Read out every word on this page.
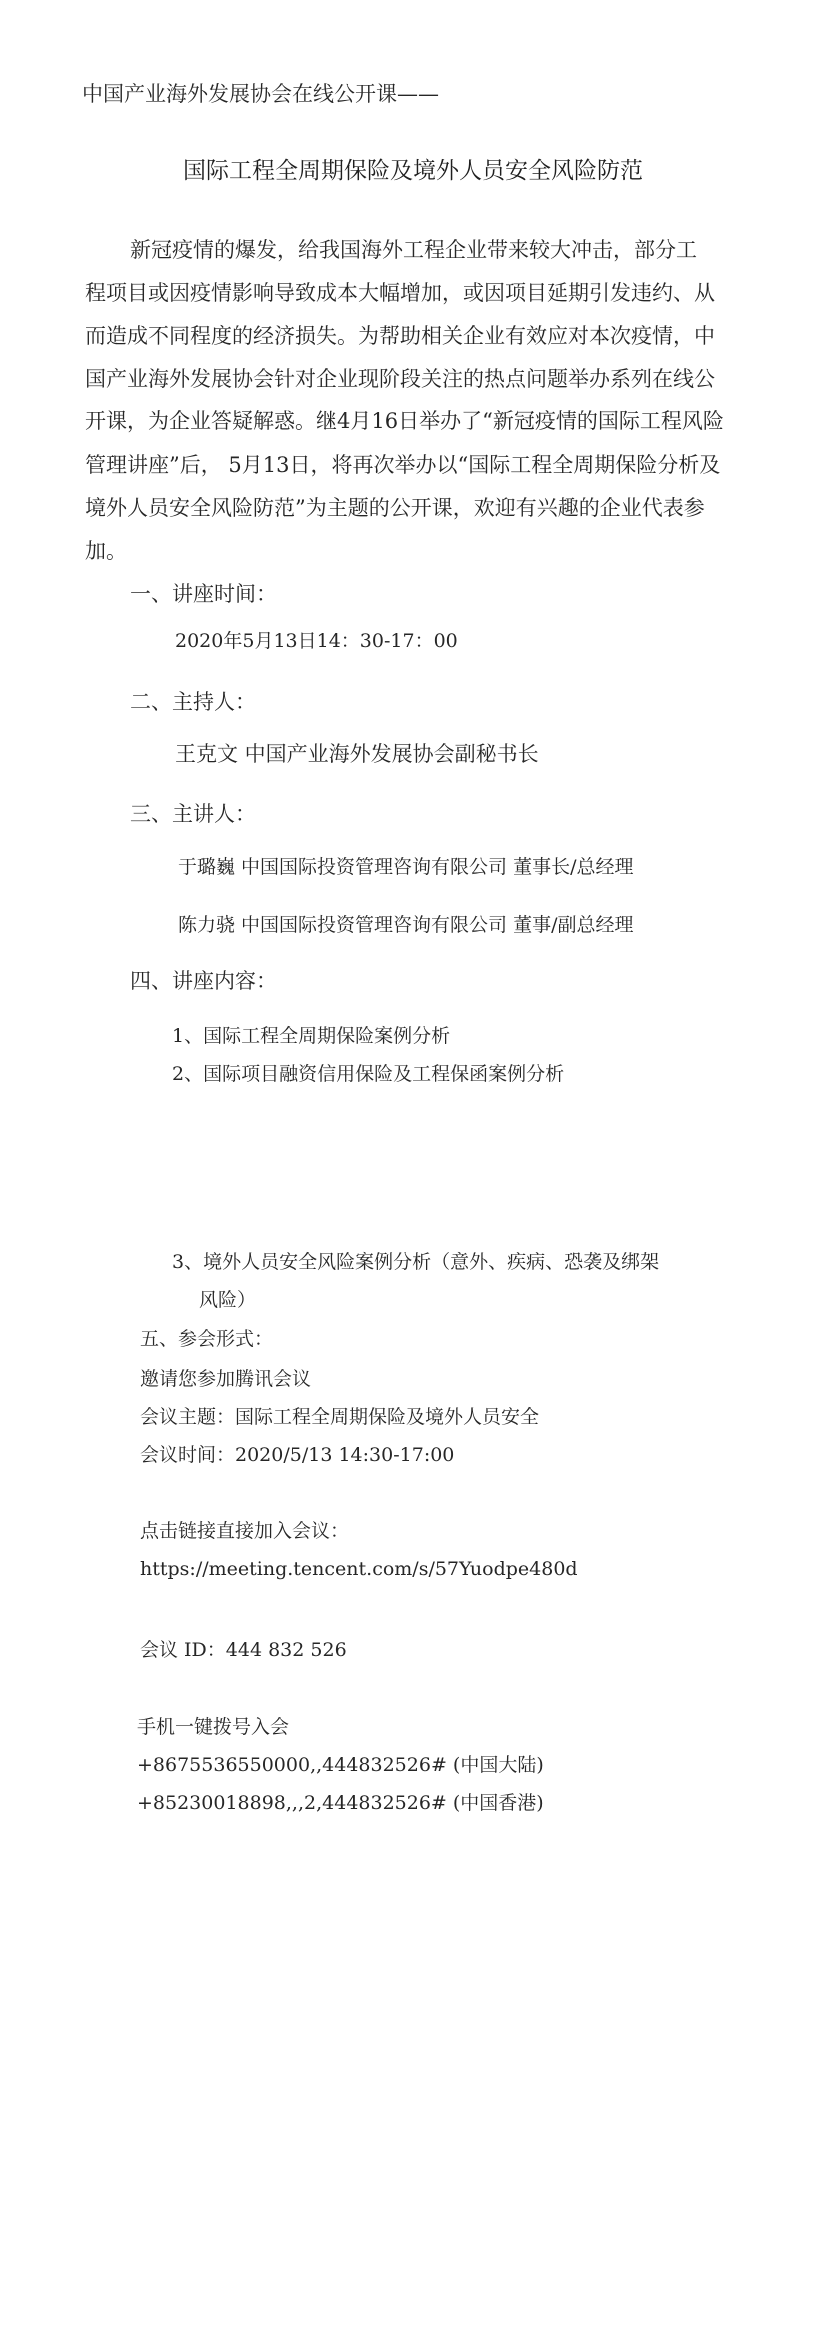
中国产业海外发展协会在线公开课——
国际工程全周期保险及境外人员安全风险防范
新冠疫情的爆发，给我国海外工程企业带来较大冲击，部分工
程项目或因疫情影响导致成本大幅增加，或因项目延期引发违约、从
而造成不同程度的经济损失。为帮助相关企业有效应对本次疫情，中
国产业海外发展协会针对企业现阶段关注的热点问题举办系列在线公
开课，为企业答疑解惑。继4月16日举办了“新冠疫情的国际工程风险
管理讲座”后， 5月13日，将再次举办以“国际工程全周期保险分析及
境外人员安全风险防范”为主题的公开课，欢迎有兴趣的企业代表参
加。
一、讲座时间：
2020年5月13日14：30-17：00
二、主持人：
王克文 中国产业海外发展协会副秘书长
三、主讲人：
于璐巍 中国国际投资管理咨询有限公司 董事长/总经理
陈力骁 中国国际投资管理咨询有限公司 董事/副总经理
四、讲座内容：
1、国际工程全周期保险案例分析
2、国际项目融资信用保险及工程保函案例分析
3、境外人员安全风险案例分析（意外、疾病、恐袭及绑架
风险）
五、参会形式：
邀请您参加腾讯会议
会议主题：国际工程全周期保险及境外人员安全
会议时间：2020/5/13 14:30-17:00
点击链接直接加入会议：
https://meeting.tencent.com/s/57Yuodpe480d
会议 ID：444 832 526
手机一键拨号入会
+8675536550000,,444832526# (中国大陆)
+85230018898,,,2,444832526# (中国香港)
